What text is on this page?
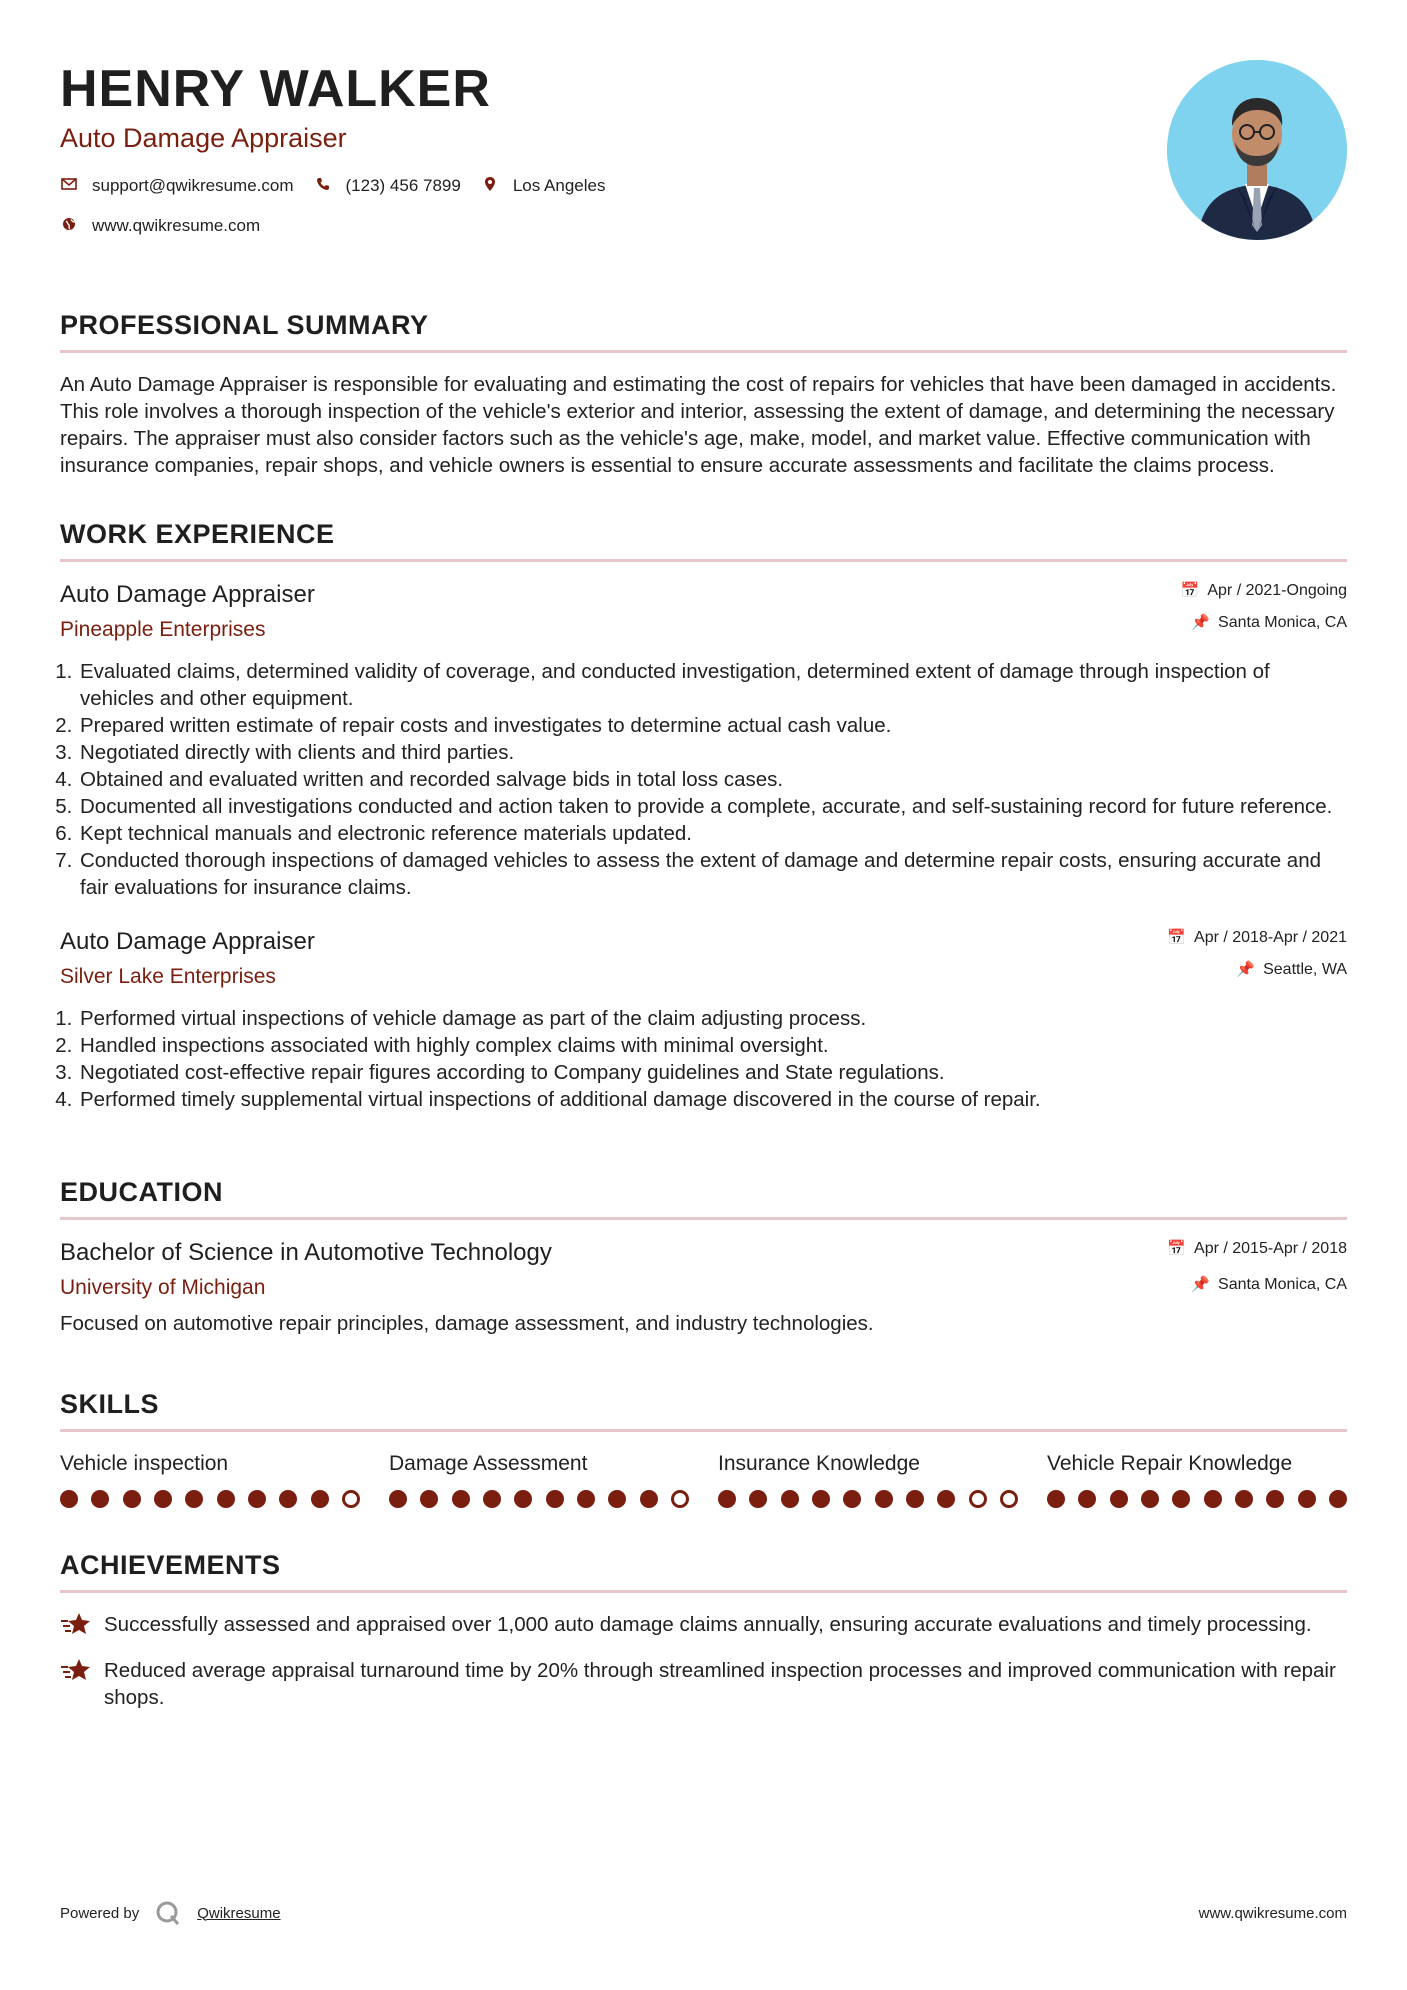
HENRY WALKER
Auto Damage Appraiser
support@qwikresume.com	(123) 456 7899	Los Angeles
www.qwikresume.com
PROFESSIONAL SUMMARY

An Auto Damage Appraiser is responsible for evaluating and estimating the cost of repairs for vehicles that have been damaged in accidents. This role involves a thorough inspection of the vehicle's exterior and interior, assessing the extent of damage, and determining the necessary repairs. The appraiser must also consider factors such as the vehicle's age, make, model, and market value. Effective communication with insurance companies, repair shops, and vehicle owners is essential to ensure accurate assessments and facilitate the claims process.

WORK EXPERIENCE
Auto Damage Appraiser
Pineapple Enterprises
📅 Apr / 2021-Ongoing
📌 Santa Monica, CA
1. Evaluated claims, determined validity of coverage, and conducted investigation, determined extent of damage through inspection of vehicles and other equipment.
2. Prepared written estimate of repair costs and investigates to determine actual cash value.
3. Negotiated directly with clients and third parties.
4. Obtained and evaluated written and recorded salvage bids in total loss cases.
5. Documented all investigations conducted and action taken to provide a complete, accurate, and self-sustaining record for future reference.
6. Kept technical manuals and electronic reference materials updated.
7. Conducted thorough inspections of damaged vehicles to assess the extent of damage and determine repair costs, ensuring accurate and fair evaluations for insurance claims.
Auto Damage Appraiser
Silver Lake Enterprises
📅 Apr / 2018-Apr / 2021
📌 Seattle, WA
1. Performed virtual inspections of vehicle damage as part of the claim adjusting process.
2. Handled inspections associated with highly complex claims with minimal oversight.
3. Negotiated cost-effective repair figures according to Company guidelines and State regulations.
4. Performed timely supplemental virtual inspections of additional damage discovered in the course of repair.
EDUCATION
Bachelor of Science in Automotive Technology
University of Michigan
📅 Apr / 2015-Apr / 2018
📌 Santa Monica, CA

Focused on automotive repair principles, damage assessment, and industry technologies.

SKILLS
Vehicle inspection	Damage Assessment	Insurance Knowledge	Vehicle Repair Knowledge
ACHIEVEMENTS
Successfully assessed and appraised over 1,000 auto damage claims annually, ensuring accurate evaluations and timely processing.
Reduced average appraisal turnaround time by 20% through streamlined inspection processes and improved communication with repair shops.
Powered by	Qwikresume	www.qwikresume.com
